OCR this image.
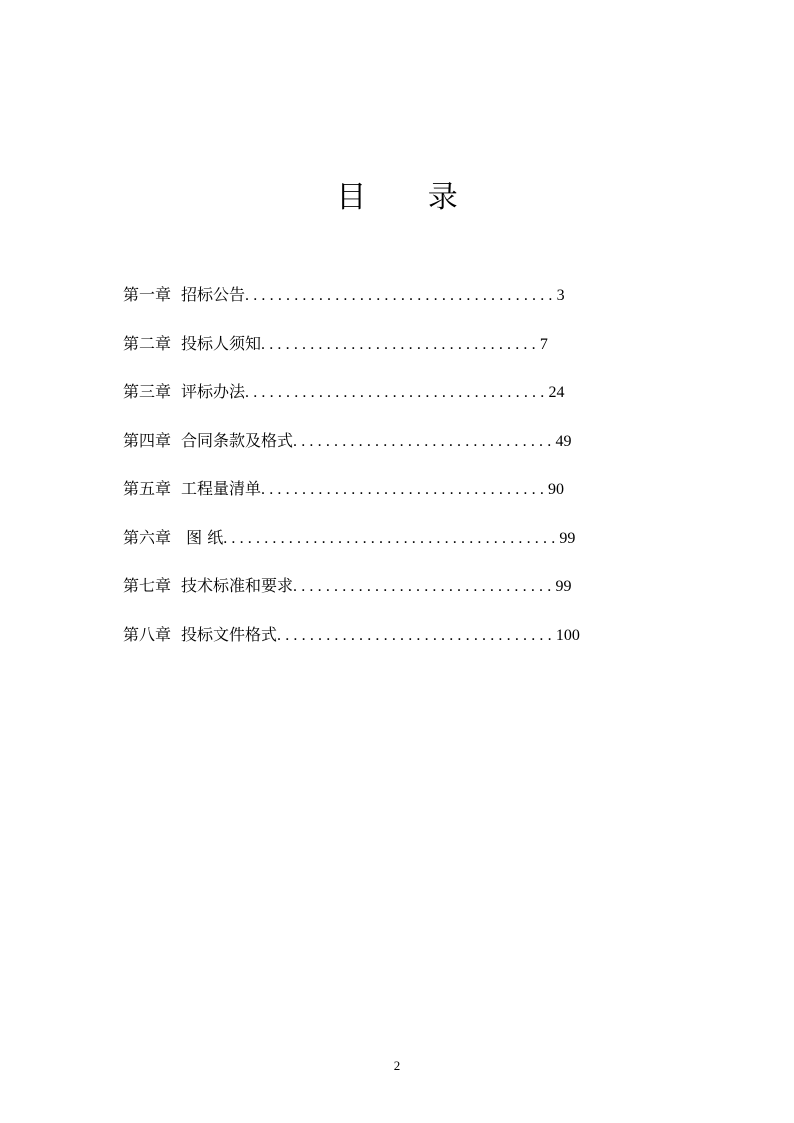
目 录
第一章 招标公告......................................3
第二章 投标人须知..................................7
第三章 评标办法.....................................24
第四章 合同条款及格式................................49
第五章 工程量清单...................................90
第六章 图 纸.........................................99
第七章 技术标准和要求................................99
第八章 投标文件格式..................................100
2
